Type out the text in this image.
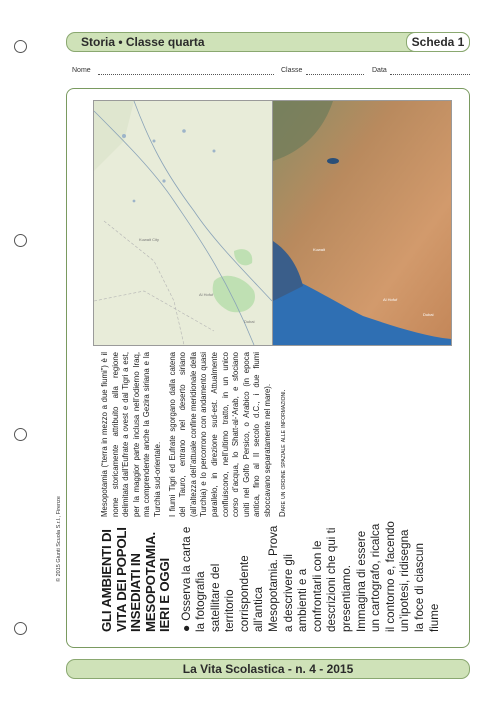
Storia • Classe quarta	Scheda 1
Nome	Classe	Data
Kuwait City
Dubai
Al Hofuf
Kuwait
Al Hofuf
Dubai
GLI AMBIENTI DI VITA DEI POPOLI INSEDIATI IN MESOPOTAMIA. IERI E OGGI ●Osserva la carta e la fotografia satellitare del territorio corrispondente all’antica Mesopotamia. Prova a descrivere gli ambienti e a confrontarli con le descrizioni che qui ti presentiamo. Immagina di essere un cartografo, ricalca il contorno e, facendo un’ipotesi, ridisegna la foce di ciascun fiume

Mesopotamia (“terra in mezzo a due fiumi”) è il nome storicamente attribuito alla regione delimitata dall’Eufrate a ovest e dal Tigri a est, per la maggior parte inclusa nell’odierno Iraq, ma comprendente anche la Gezira siriana e la Turchia sud-orientale. I fiumi Tigri ed Eufrate sgorgano dalla catena del Tauro, entrano nel deserto siriano (all’altezza dell’attuale confine meridionale della Turchia) e lo percorrono con andamento quasi parallelo, in direzione sud-est. Attualmente confluiscono, nell’ultimo tratto, in un unico corso d’acqua, lo Shatt-al-‘Arab, e sfociano uniti nel Golfo Persico, o Arabico (in epoca antica, fino al II secolo d.C., i due fiumi sboccavano separatamente nel mare). Dare un ordine spaziale alle informazioni.

© 2015 Giunti Scuola S.r.l., Firenze
La Vita Scolastica - n. 4 - 2015
